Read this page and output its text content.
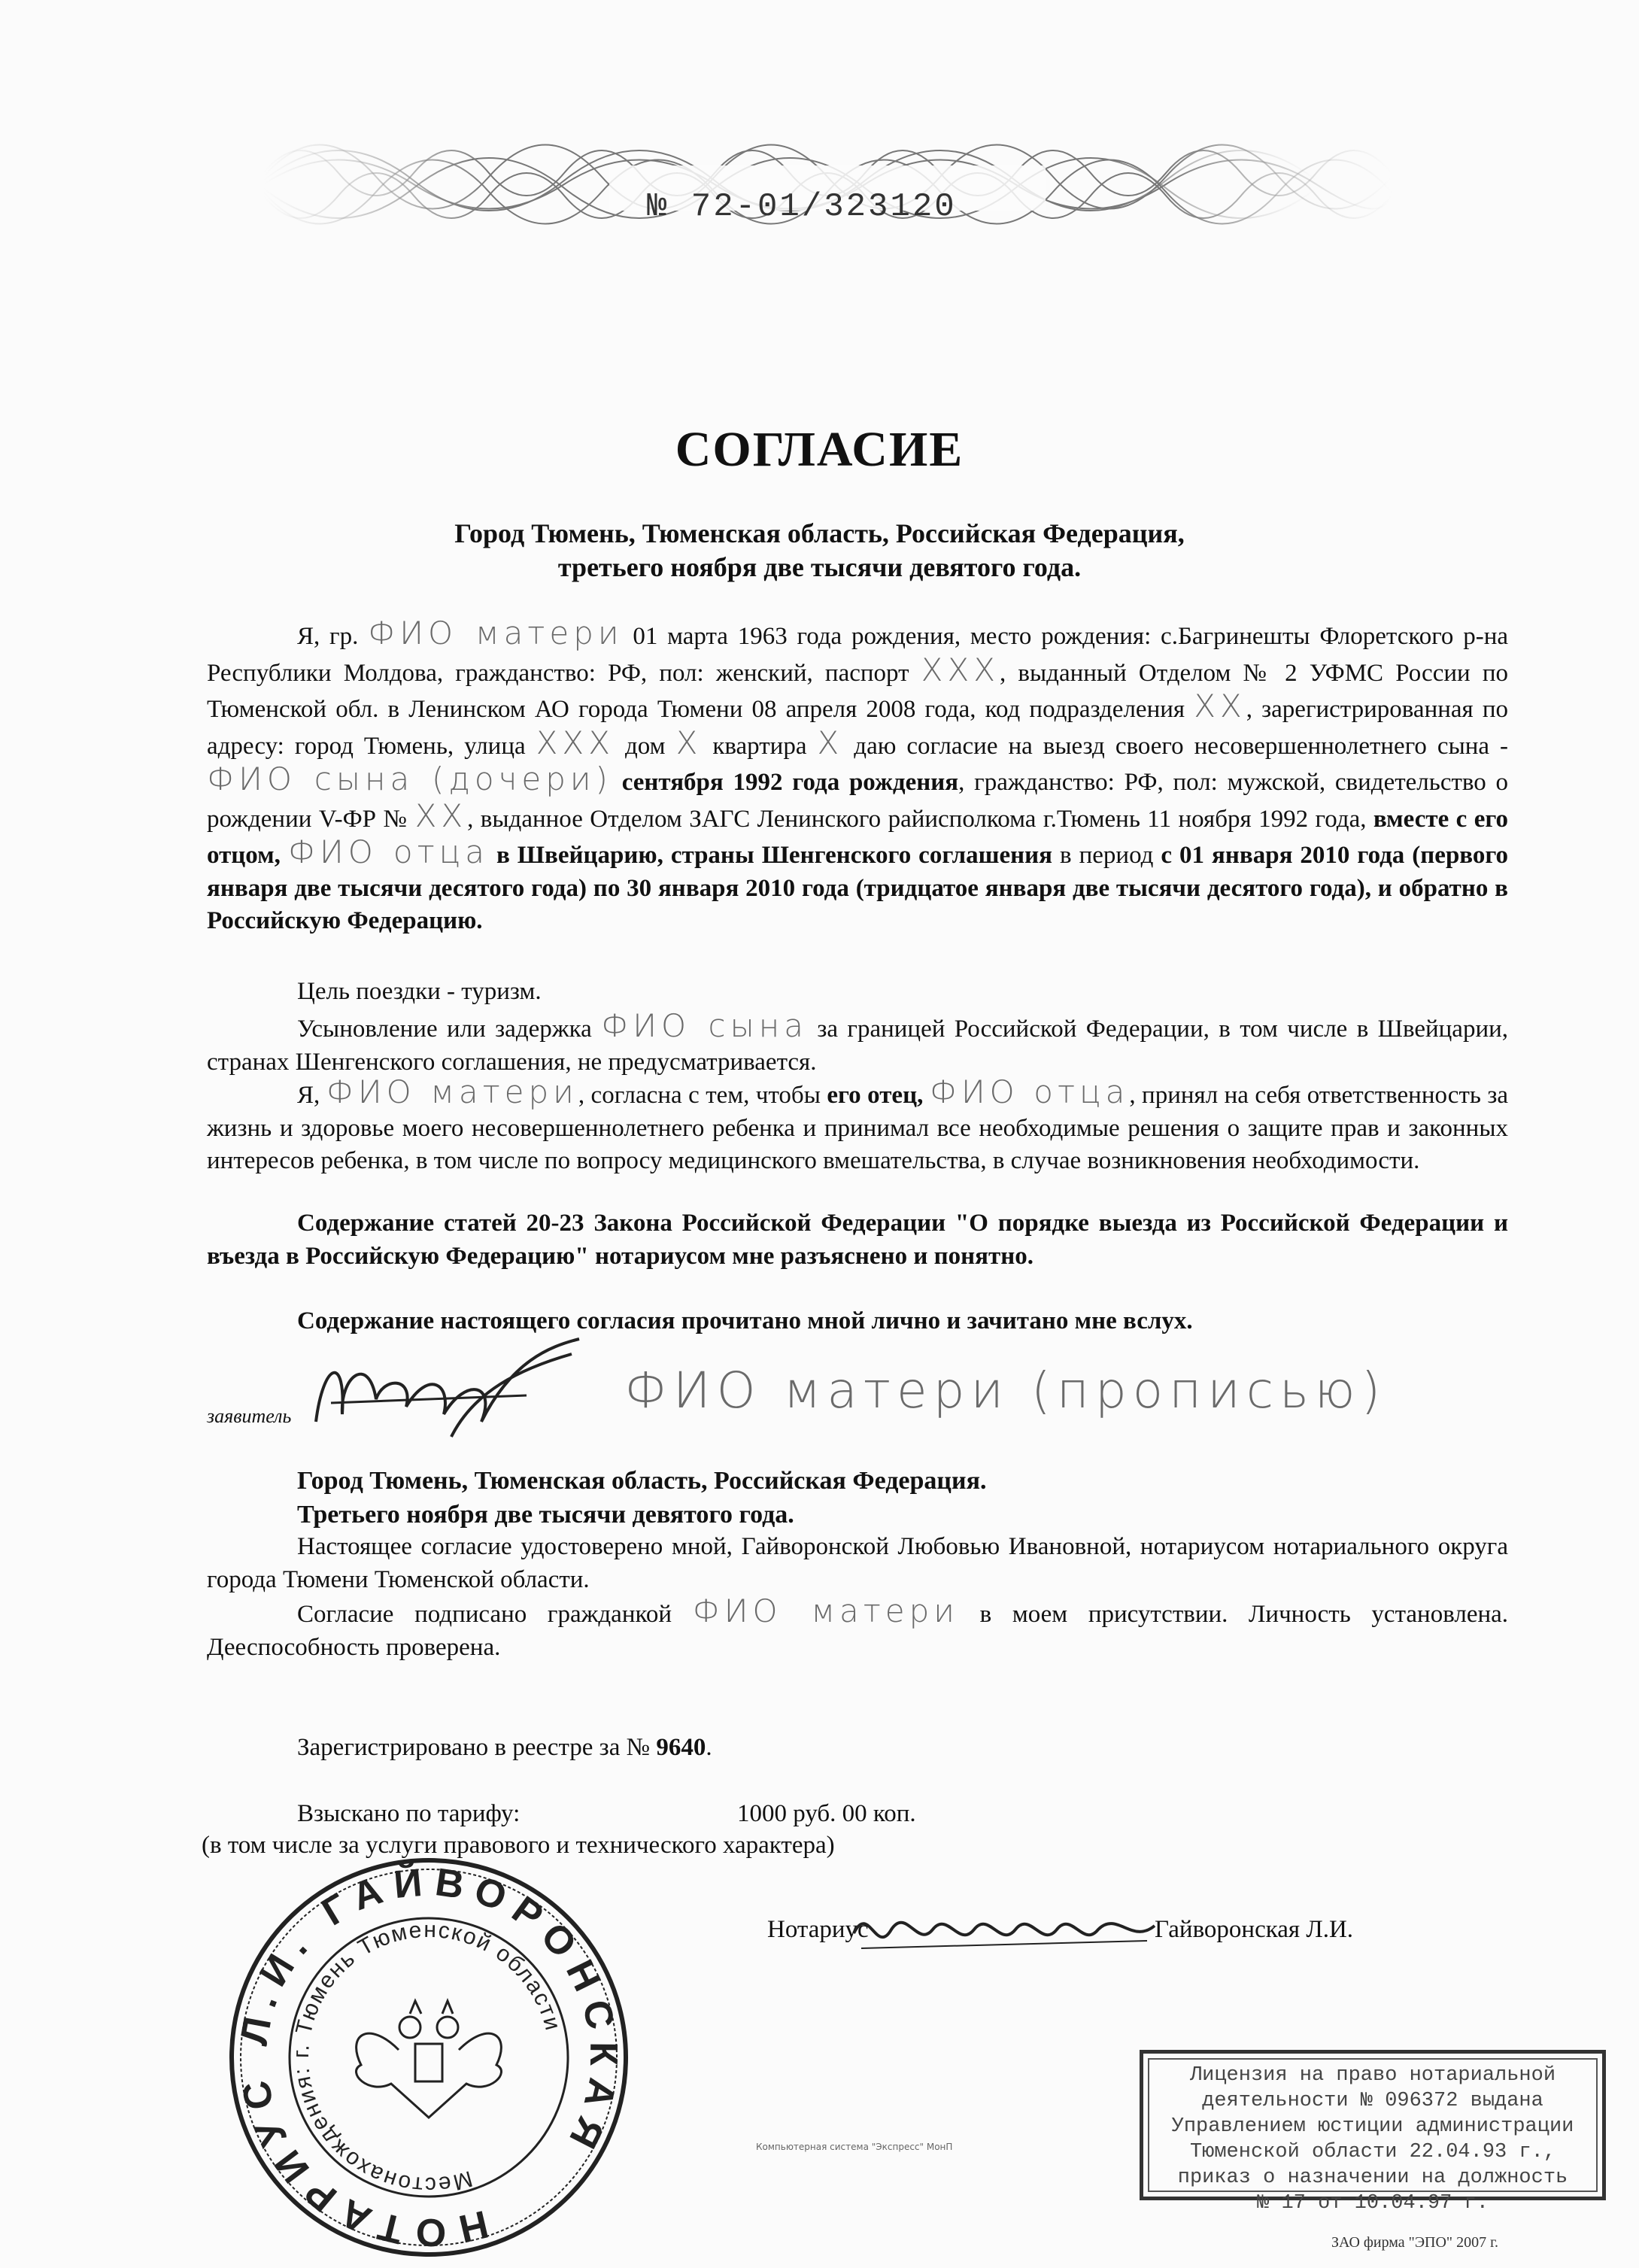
№ 72-01/323120
СОГЛАСИЕ
Город Тюмень, Тюменская область, Российская Федерация,
третьего ноября две тысячи девятого года.
Я, гр. ФИО матери 01 марта 1963 года рождения, место рождения: с.Багринешты Флоретского р-на Республики Молдова, гражданство: РФ, пол: женский, паспорт XXX, выданный Отделом № 2 УФМС России по Тюменской обл. в Ленинском АО города Тюмени 08 апреля 2008 года, код подразделения XX, зарегистрированная по адресу: город Тюмень, улица XXX дом X квартира X даю согласие на выезд своего несовершеннолетнего сына - ФИО сына (дочери) сентября 1992 года рождения, гражданство: РФ, пол: мужской, свидетельство о рождении V-ФР № XX, выданное Отделом ЗАГС Ленинского райисполкома г.Тюмень 11 ноября 1992 года, вместе с его отцом, ФИО отца в Швейцарию, страны Шенгенского соглашения в период с 01 января 2010 года (первого января две тысячи десятого года) по 30 января 2010 года (тридцатое января две тысячи десятого года), и обратно в Российскую Федерацию.
Цель поездки - туризм.
Усыновление или задержка ФИО сына за границей Российской Федерации, в том числе в Швейцарии, странах Шенгенского соглашения, не предусматривается.
Я, ФИО матери, согласна с тем, чтобы его отец, ФИО отца, принял на себя ответственность за жизнь и здоровье моего несовершеннолетнего ребенка и принимал все необходимые решения о защите прав и законных интересов ребенка, в том числе по вопросу медицинского вмешательства, в случае возникновения необходимости.
Содержание статей 20-23 Закона Российской Федерации "О порядке выезда из Российской Федерации и въезда в Российскую Федерацию" нотариусом мне разъяснено и понятно.
Содержание настоящего согласия прочитано мной лично и зачитано мне вслух.
заявитель	ФИО матери (прописью)
Город Тюмень, Тюменская область, Российская Федерация.
Третьего ноября две тысячи девятого года.
Настоящее согласие удостоверено мной, Гайворонской Любовью Ивановной, нотариусом нотариального округа города Тюмени Тюменской области.
Согласие подписано гражданкой ФИО матери в моем присутствии. Личность установлена. Дееспособность проверена.
Зарегистрировано в реестре за № 9640.
Взыскано по тарифу:	1000 руб. 00 коп.
(в том числе за услуги правового и технического характера)
Нотариус	Гайворонская Л.И.
НОТАРИУС Л.И. ГАЙВОРОНСКАЯ
Местонахождения: г. Тюмень Тюменской области
Компьютерная система "Экспресс" МонП
Лицензия на право нотариальной
деятельности № 096372 выдана
Управлением юстиции администрации
Тюменской области 22.04.93 г.,
приказ о назначении на должность
№ 17 от 10.04.97 г.
ЗАО фирма "ЭПО" 2007 г.
